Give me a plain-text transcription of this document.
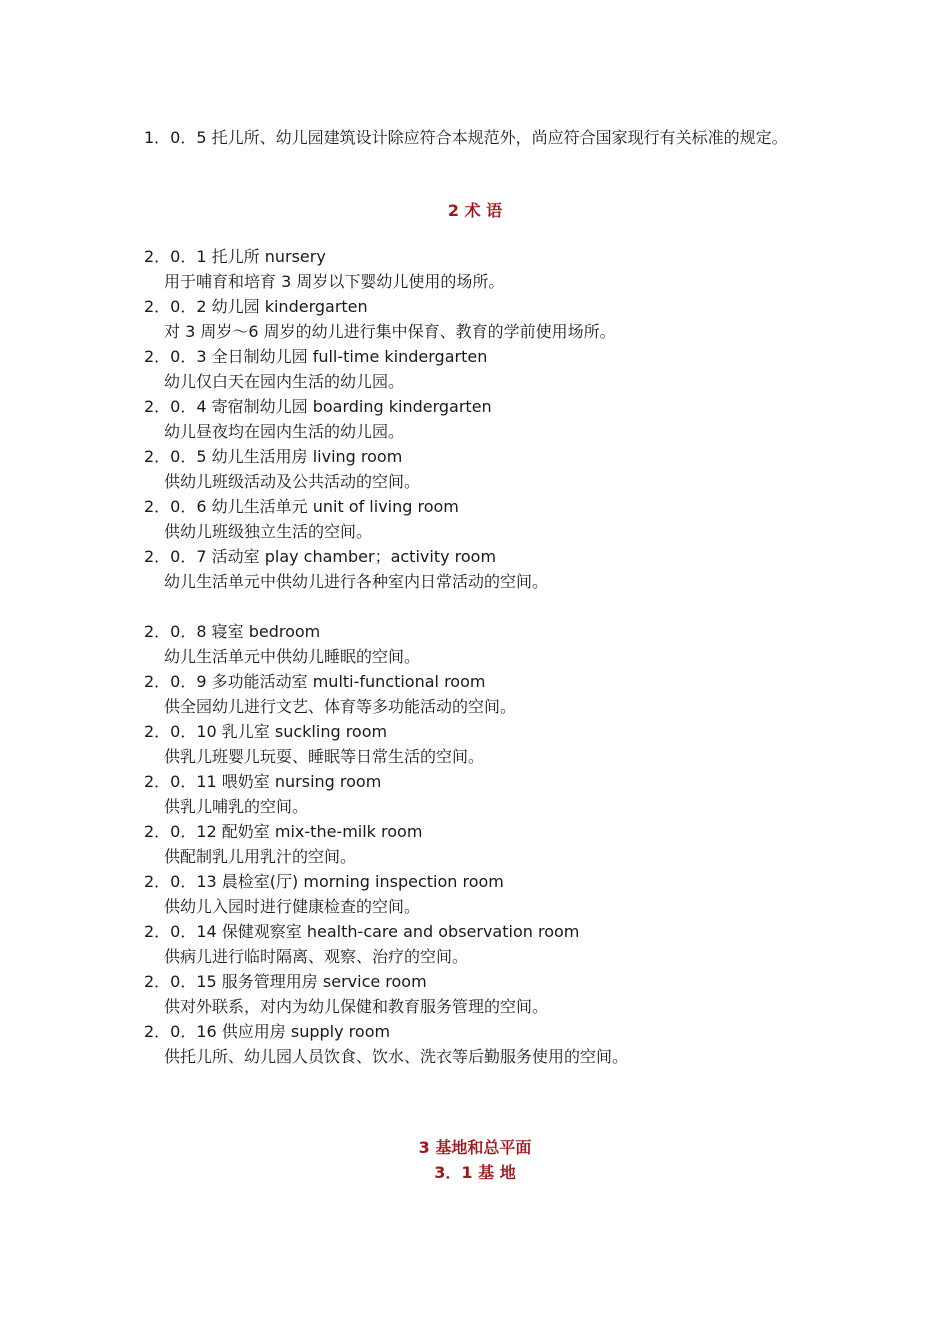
1．0．5 托儿所、幼儿园建筑设计除应符合本规范外，尚应符合国家现行有关标准的规定。

2 术 语
2．0．1 托儿所 nursery
用于哺育和培育 3 周岁以下婴幼儿使用的场所。
2．0．2 幼儿园 kindergarten
对 3 周岁～6 周岁的幼儿进行集中保育、教育的学前使用场所。
2．0．3 全日制幼儿园 full-time kindergarten
幼儿仅白天在园内生活的幼儿园。
2．0．4 寄宿制幼儿园 boarding kindergarten
幼儿昼夜均在园内生活的幼儿园。
2．0．5 幼儿生活用房 living room
供幼儿班级活动及公共活动的空间。
2．0．6 幼儿生活单元 unit of living room
供幼儿班级独立生活的空间。
2．0．7 活动室 play chamber；activity room
幼儿生活单元中供幼儿进行各种室内日常活动的空间。
2．0．8 寝室 bedroom
幼儿生活单元中供幼儿睡眠的空间。
2．0．9 多功能活动室 multi-functional room
供全园幼儿进行文艺、体育等多功能活动的空间。
2．0．10 乳儿室 suckling room
供乳儿班婴儿玩耍、睡眠等日常生活的空间。
2．0．11 喂奶室 nursing room
供乳儿哺乳的空间。
2．0．12 配奶室 mix-the-milk room
供配制乳儿用乳汁的空间。
2．0．13 晨检室(厅) morning inspection room
供幼儿入园时进行健康检查的空间。
2．0．14 保健观察室 health-care and observation room
供病儿进行临时隔离、观察、治疗的空间。
2．0．15 服务管理用房 service room
供对外联系，对内为幼儿保健和教育服务管理的空间。
2．0．16 供应用房 supply room
供托儿所、幼儿园人员饮食、饮水、洗衣等后勤服务使用的空间。
3 基地和总平面
3．1 基 地
